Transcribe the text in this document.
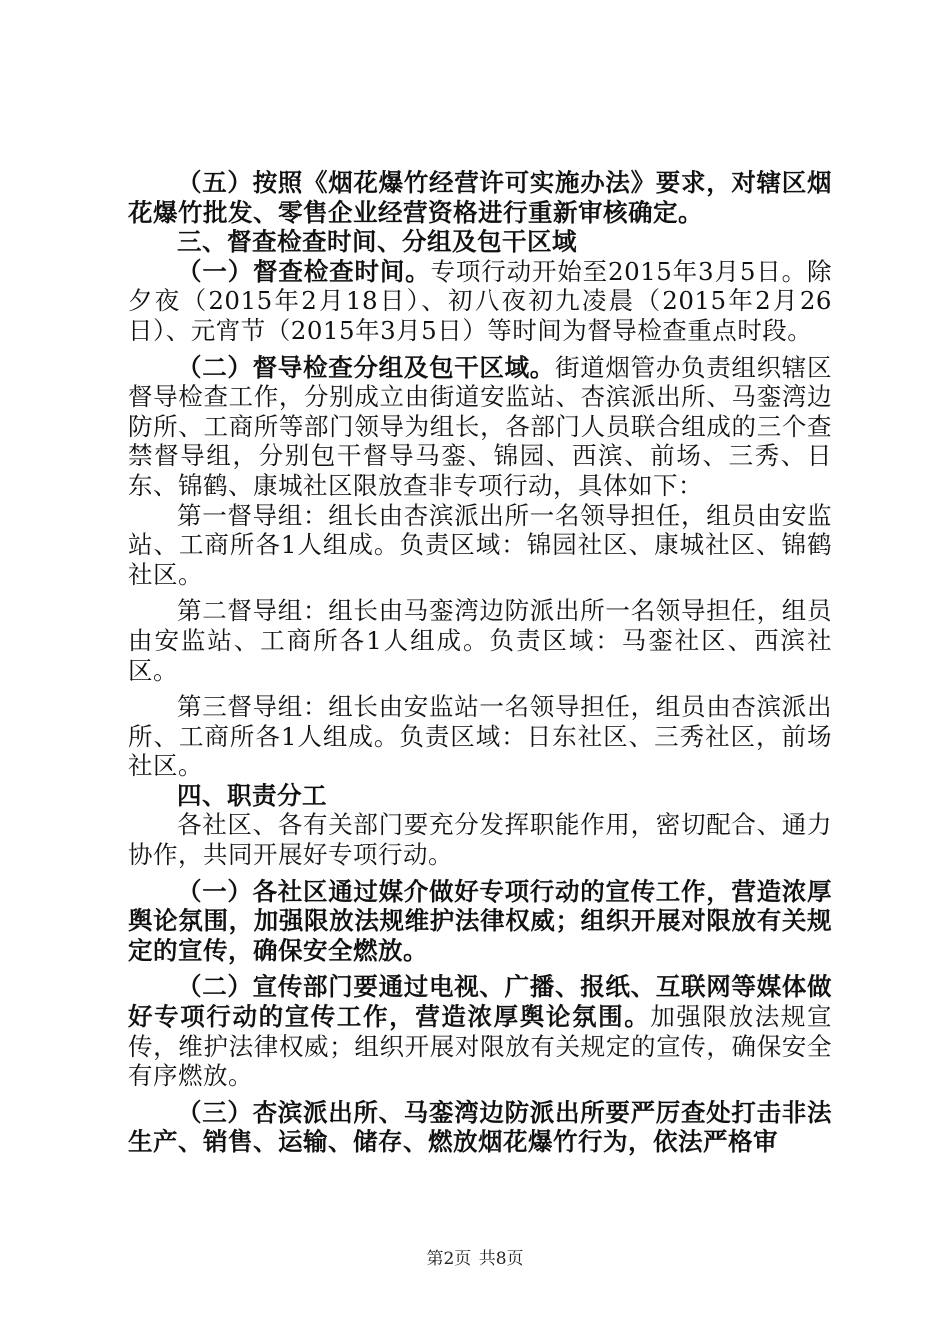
（五）按照《烟花爆竹经营许可实施办法》要求，对辖区烟花爆竹批发、零售企业经营资格进行重新审核确定。

三、督查检查时间、分组及包干区域

（一）督查检查时间。专项行动开始至2015年3月5日。除夕夜（2015年2月18日）、初八夜初九凌晨（2015年2月26日）、元宵节（2015年3月5日）等时间为督导检查重点时段。

（二）督导检查分组及包干区域。街道烟管办负责组织辖区督导检查工作，分别成立由街道安监站、杏滨派出所、马銮湾边防所、工商所等部门领导为组长，各部门人员联合组成的三个查禁督导组，分别包干督导马銮、锦园、西滨、前场、三秀、日东、锦鹤、康城社区限放查非专项行动，具体如下：

第一督导组：组长由杏滨派出所一名领导担任，组员由安监站、工商所各1人组成。负责区域：锦园社区、康城社区、锦鹤社区。

第二督导组：组长由马銮湾边防派出所一名领导担任，组员由安监站、工商所各1人组成。负责区域：马銮社区、西滨社区。

第三督导组：组长由安监站一名领导担任，组员由杏滨派出所、工商所各1人组成。负责区域：日东社区、三秀社区，前场社区。

四、职责分工

各社区、各有关部门要充分发挥职能作用，密切配合、通力协作，共同开展好专项行动。

（一）各社区通过媒介做好专项行动的宣传工作，营造浓厚舆论氛围，加强限放法规维护法律权威；组织开展对限放有关规定的宣传，确保安全燃放。

（二）宣传部门要通过电视、广播、报纸、互联网等媒体做好专项行动的宣传工作，营造浓厚舆论氛围。加强限放法规宣传，维护法律权威；组织开展对限放有关规定的宣传，确保安全有序燃放。

（三）杏滨派出所、马銮湾边防派出所要严厉查处打击非法生产、销售、运输、储存、燃放烟花爆竹行为，依法严格审

第2页 共8页
